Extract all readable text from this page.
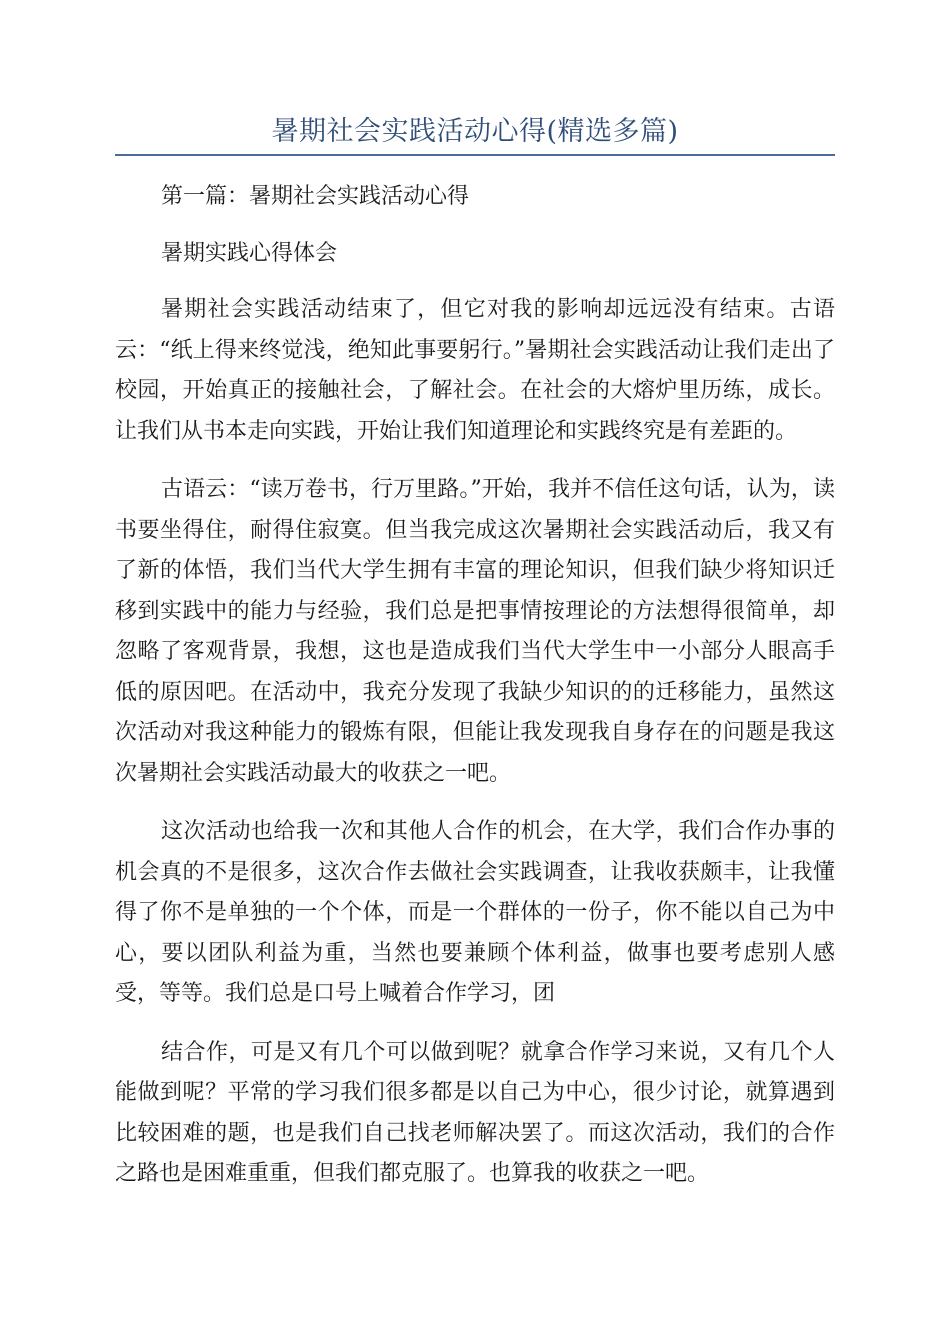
暑期社会实践活动心得(精选多篇)

第一篇：暑期社会实践活动心得

暑期实践心得体会

暑期社会实践活动结束了，但它对我的影响却远远没有结束。古语云：“纸上得来终觉浅，绝知此事要躬行。”暑期社会实践活动让我们走出了校园，开始真正的接触社会，了解社会。在社会的大熔炉里历练，成长。让我们从书本走向实践，开始让我们知道理论和实践终究是有差距的。

古语云：“读万卷书，行万里路。”开始，我并不信任这句话，认为，读书要坐得住，耐得住寂寞。但当我完成这次暑期社会实践活动后，我又有了新的体悟，我们当代大学生拥有丰富的理论知识，但我们缺少将知识迁移到实践中的能力与经验，我们总是把事情按理论的方法想得很简单，却忽略了客观背景，我想，这也是造成我们当代大学生中一小部分人眼高手低的原因吧。在活动中，我充分发现了我缺少知识的的迁移能力，虽然这次活动对我这种能力的锻炼有限，但能让我发现我自身存在的问题是我这次暑期社会实践活动最大的收获之一吧。

这次活动也给我一次和其他人合作的机会，在大学，我们合作办事的机会真的不是很多，这次合作去做社会实践调查，让我收获颇丰，让我懂得了你不是单独的一个个体，而是一个群体的一份子，你不能以自己为中心，要以团队利益为重，当然也要兼顾个体利益，做事也要考虑别人感受，等等。我们总是口号上喊着合作学习，团

结合作，可是又有几个可以做到呢？就拿合作学习来说，又有几个人能做到呢？平常的学习我们很多都是以自己为中心，很少讨论，就算遇到比较困难的题，也是我们自己找老师解决罢了。而这次活动，我们的合作之路也是困难重重，但我们都克服了。也算我的收获之一吧。
